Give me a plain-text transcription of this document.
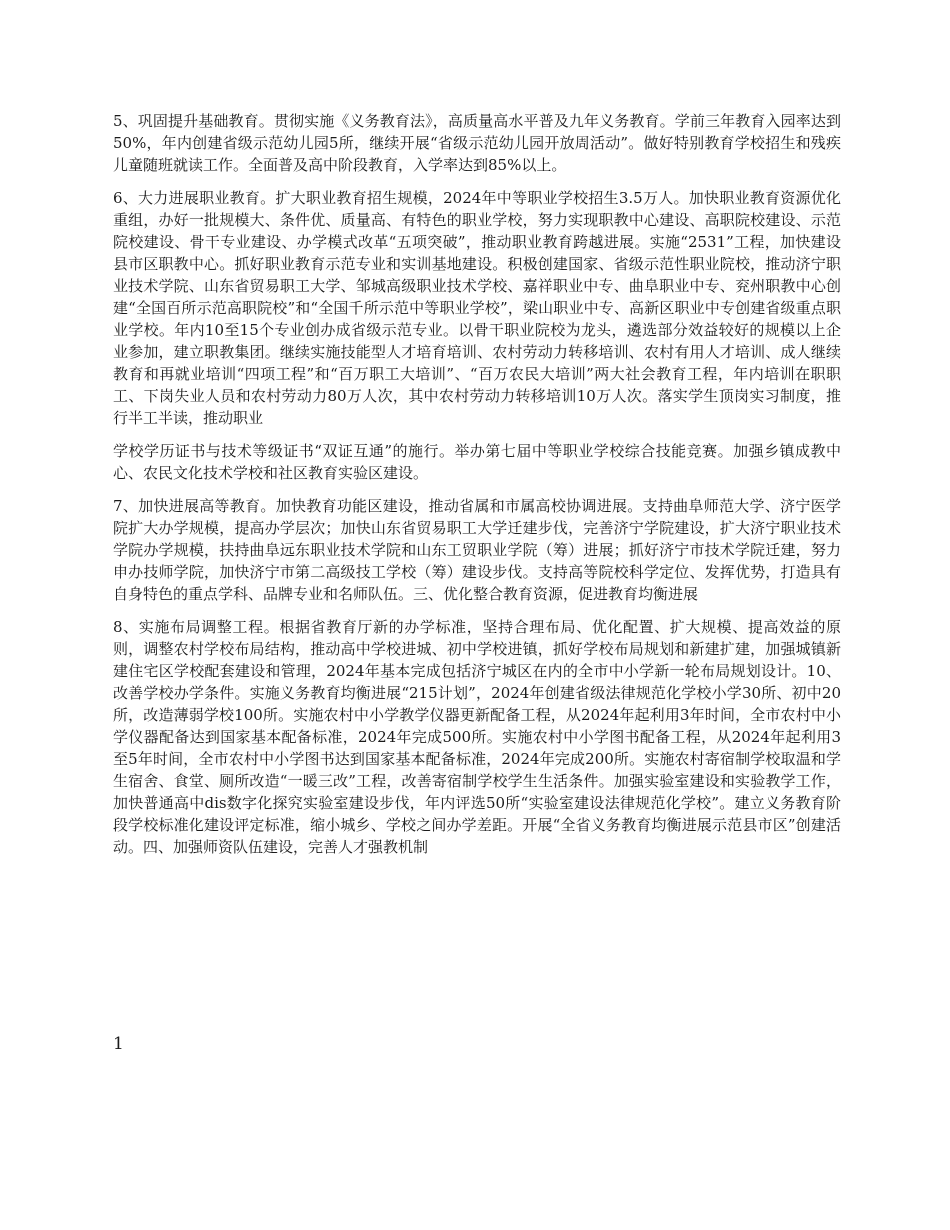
5、巩固提升基础教育。贯彻实施《义务教育法》，高质量高水平普及九年义务教育。学前三年教育入园率达到50%，年内创建省级示范幼儿园5所，继续开展“省级示范幼儿园开放周活动”。做好特别教育学校招生和残疾儿童随班就读工作。全面普及高中阶段教育，入学率达到85%以上。

6、大力进展职业教育。扩大职业教育招生规模，2024年中等职业学校招生3.5万人。加快职业教育资源优化重组，办好一批规模大、条件优、质量高、有特色的职业学校，努力实现职教中心建设、高职院校建设、示范院校建设、骨干专业建设、办学模式改革“五项突破”，推动职业教育跨越进展。实施“2531”工程，加快建设县市区职教中心。抓好职业教育示范专业和实训基地建设。积极创建国家、省级示范性职业院校，推动济宁职业技术学院、山东省贸易职工大学、邹城高级职业技术学校、嘉祥职业中专、曲阜职业中专、兖州职教中心创建“全国百所示范高职院校”和“全国千所示范中等职业学校”，梁山职业中专、高新区职业中专创建省级重点职业学校。年内10至15个专业创办成省级示范专业。以骨干职业院校为龙头，遴选部分效益较好的规模以上企业参加，建立职教集团。继续实施技能型人才培育培训、农村劳动力转移培训、农村有用人才培训、成人继续教育和再就业培训“四项工程”和“百万职工大培训”、“百万农民大培训”两大社会教育工程，年内培训在职职工、下岗失业人员和农村劳动力80万人次，其中农村劳动力转移培训10万人次。落实学生顶岗实习制度，推行半工半读，推动职业

学校学历证书与技术等级证书“双证互通”的施行。举办第七届中等职业学校综合技能竞赛。加强乡镇成教中心、农民文化技术学校和社区教育实验区建设。

7、加快进展高等教育。加快教育功能区建设，推动省属和市属高校协调进展。支持曲阜师范大学、济宁医学院扩大办学规模，提高办学层次；加快山东省贸易职工大学迁建步伐，完善济宁学院建设，扩大济宁职业技术学院办学规模，扶持曲阜远东职业技术学院和山东工贸职业学院（筹）进展；抓好济宁市技术学院迁建，努力申办技师学院，加快济宁市第二高级技工学校（筹）建设步伐。支持高等院校科学定位、发挥优势，打造具有自身特色的重点学科、品牌专业和名师队伍。三、优化整合教育资源，促进教育均衡进展

8、实施布局调整工程。根据省教育厅新的办学标准，坚持合理布局、优化配置、扩大规模、提高效益的原则，调整农村学校布局结构，推动高中学校进城、初中学校进镇，抓好学校布局规划和新建扩建，加强城镇新建住宅区学校配套建设和管理，2024年基本完成包括济宁城区在内的全市中小学新一轮布局规划设计。10、改善学校办学条件。实施义务教育均衡进展“215计划”，2024年创建省级法律规范化学校小学30所、初中20所，改造薄弱学校100所。实施农村中小学教学仪器更新配备工程，从2024年起利用3年时间，全市农村中小学仪器配备达到国家基本配备标准，2024年完成500所。实施农村中小学图书配备工程，从2024年起利用3至5年时间，全市农村中小学图书达到国家基本配备标准，2024年完成200所。实施农村寄宿制学校取温和学生宿舍、食堂、厕所改造“一暖三改”工程，改善寄宿制学校学生生活条件。加强实验室建设和实验教学工作，加快普通高中dis数字化探究实验室建设步伐，年内评选50所“实验室建设法律规范化学校”。建立义务教育阶段学校标准化建设评定标准，缩小城乡、学校之间办学差距。开展“全省义务教育均衡进展示范县市区”创建活动。四、加强师资队伍建设，完善人才强教机制

1
